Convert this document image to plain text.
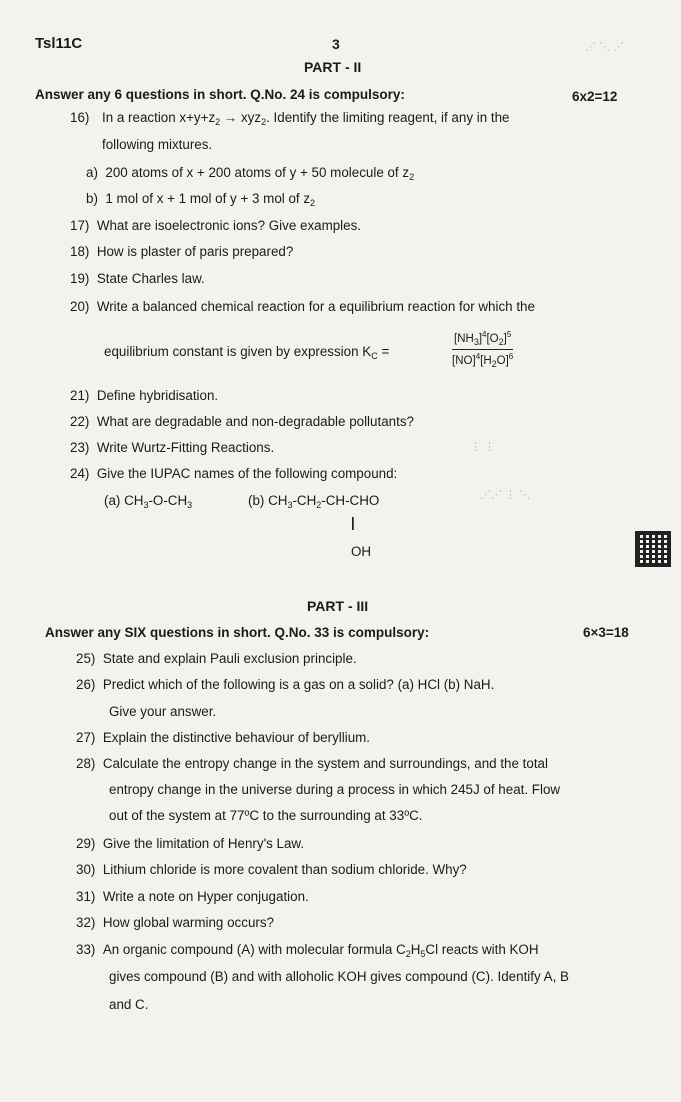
Tsl11C	3	⋰ ⋱ ⋰
⋮ ⋮
⋰⋰ ⋮ ⋱
PART - II
Answer any 6 questions in short. Q.No. 24 is compulsory:	6x2=12
16) In a reaction $x+y+z_2 \to xyz_2$. Identify the limiting reagent, if any in the
following mixtures.
a) 200 atoms of x + 200 atoms of y + 50 molecule of $z_2$
b) 1 mol of x + 1 mol of y + 3 mol of $z_2$
17) What are isoelectronic ions? Give examples.
18) How is plaster of paris prepared?
19) State Charles law.
20) Write a balanced chemical reaction for a equilibrium reaction for which the
equilibrium constant is given by expression $K_C$ =	$\frac{[NH_3]^4[O_2]^5}{[NO]^4[H_2O]^6}$
21) Define hybridisation.
22) What are degradable and non-degradable pollutants?
23) Write Wurtz-Fitting Reactions.
24) Give the IUPAC names of the following compound:
(a) $CH_3-O-CH_3$	(b) $CH_3-CH_2-CH$-CHO
|
OH
PART - III
Answer any SIX questions in short. Q.No. 33 is compulsory:	6×3=18
25) State and explain Pauli exclusion principle.
26) Predict which of the following is a gas on a solid? (a) HCl (b) NaH.
Give your answer.
27) Explain the distinctive behaviour of beryllium.
28) Calculate the entropy change in the system and surroundings, and the total
entropy change in the universe during a process in which 245J of heat. Flow
out of the system at 77ºC to the surrounding at 33ºC.
29) Give the limitation of Henry's Law.
30) Lithium chloride is more covalent than sodium chloride. Why?
31) Write a note on Hyper conjugation.
32) How global warming occurs?
33) An organic compound (A) with molecular formula $C_2H_5Cl$ reacts with KOH
gives compound (B) and with alloholic KOH gives compound (C). Identify A, B
and C.
